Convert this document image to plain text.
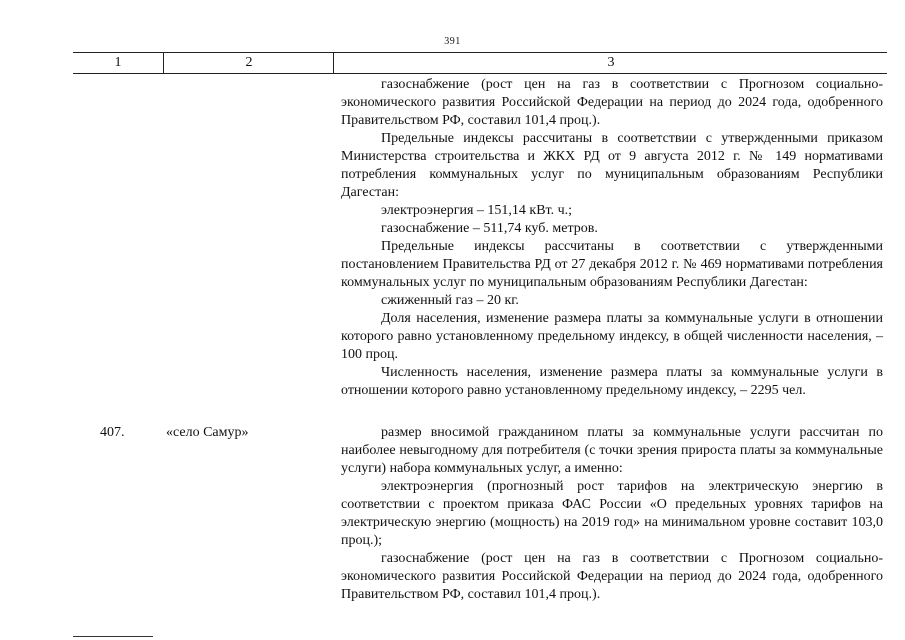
391
1	2	3

газоснабжение (рост цен на газ в соответствии с Прогнозом социально-экономического развития Российской Федерации на период до 2024 года, одобренного Правительством РФ, составил 101,4 проц.).

Предельные индексы рассчитаны в соответствии с утвержденными приказом Министерства строительства и ЖКХ РД от 9 августа 2012 г. № 149 нормативами потребления коммунальных услуг по муниципальным образованиям Республики Дагестан:

электроэнергия – 151,14 кВт. ч.;

газоснабжение – 511,74 куб. метров.

Предельные индексы рассчитаны в соответствии с утвержденными постановлением Правительства РД от 27 декабря 2012 г. № 469 нормативами потребления коммунальных услуг по муниципальным образованиям Республики Дагестан:

сжиженный газ – 20 кг.

Доля населения, изменение размера платы за коммунальные услуги в отношении которого равно установленному предельному индексу, в общей численности населения, – 100 проц.

Численность населения, изменение размера платы за коммунальные услуги в отношении которого равно установленному предельному индексу, – 2295 чел.

407.	«село Самур»	размер вносимой гражданином платы за коммунальные услуги рассчитан по наиболее невыгодному для потребителя (с точки зрения прироста платы за коммунальные услуги) набора коммунальных услуг, а именно:

электроэнергия (прогнозный рост тарифов на электрическую энергию в соответствии с проектом приказа ФАС России «О предельных уровнях тарифов на электрическую энергию (мощность) на 2019 год» на минимальном уровне составит 103,0 проц.);

газоснабжение (рост цен на газ в соответствии с Прогнозом социально-экономического развития Российской Федерации на период до 2024 года, одобренного Правительством РФ, составил 101,4 проц.).
